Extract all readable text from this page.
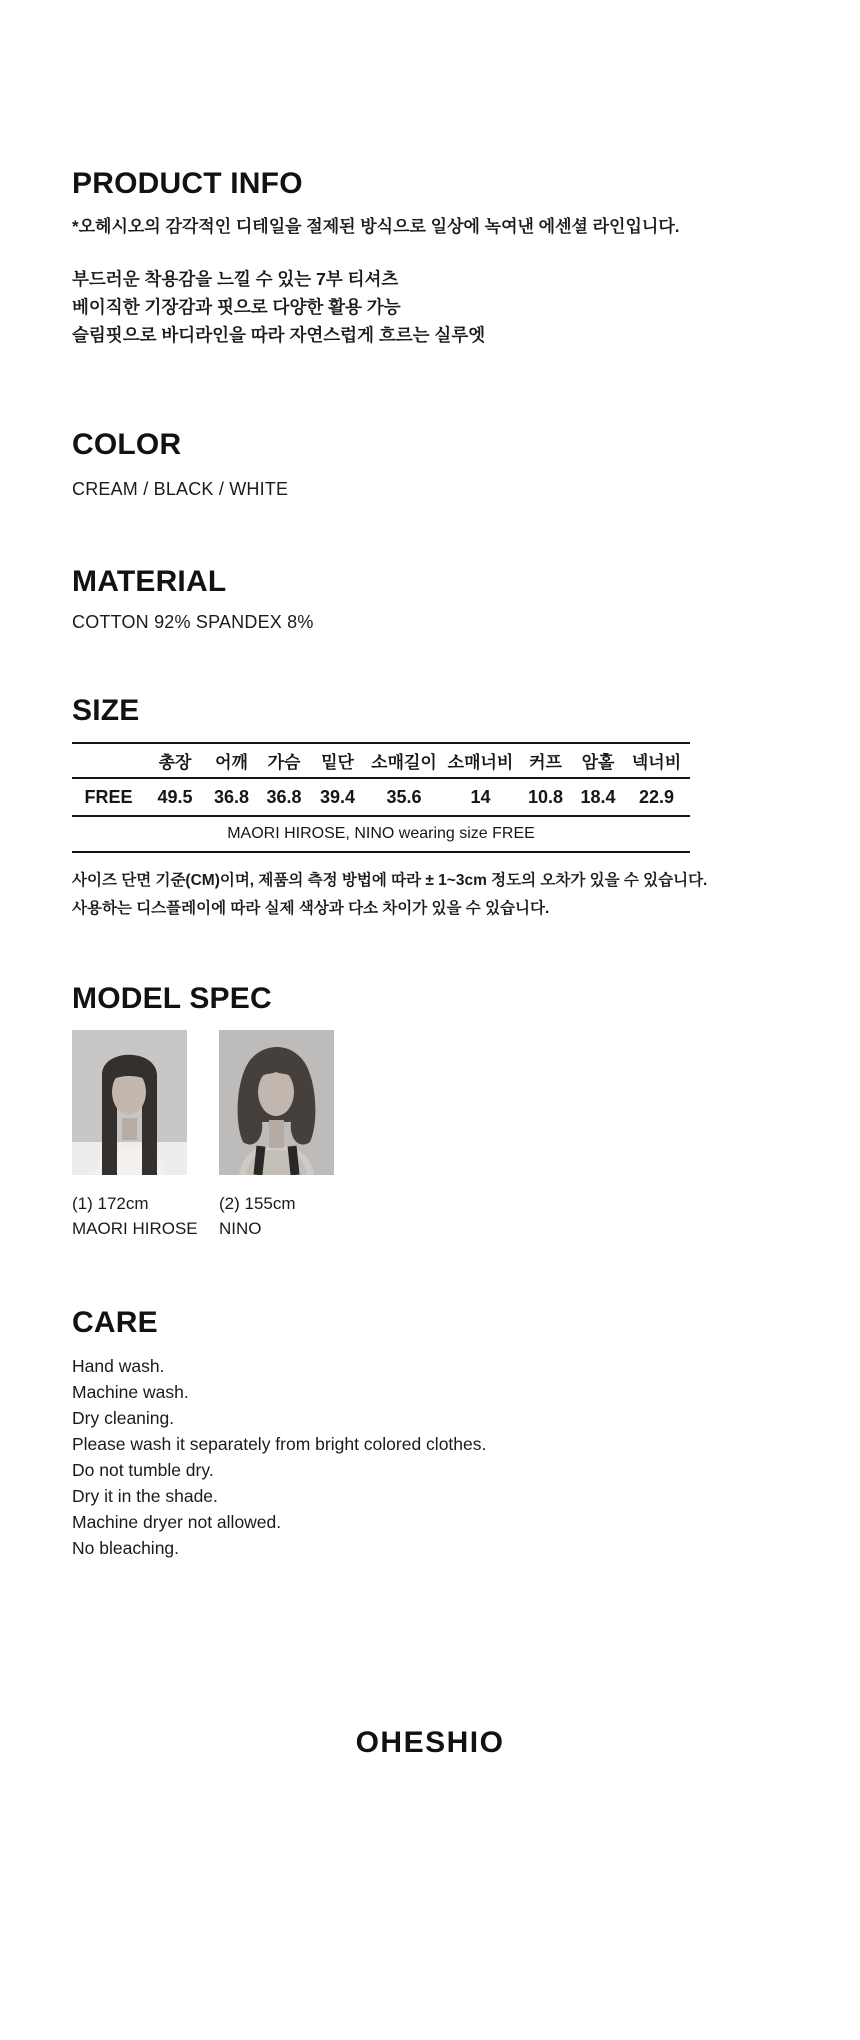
PRODUCT INFO

*오헤시오의 감각적인 디테일을 절제된 방식으로 일상에 녹여낸 에센셜 라인입니다.

부드러운 착용감을 느낄 수 있는 7부 티셔츠
베이직한 기장감과 핏으로 다양한 활용 가능
슬림핏으로 바디라인을 따라 자연스럽게 흐르는 실루엣
COLOR

CREAM / BLACK / WHITE

MATERIAL

COTTON 92% SPANDEX 8%

SIZE
	총장	어깨	가슴	밑단	소매길이	소매너비	커프	암홀	넥너비
FREE	49.5	36.8	36.8	39.4	35.6	14	10.8	18.4	22.9
MAORI HIROSE, NINO wearing size FREE									
사이즈 단면 기준(CM)이며, 제품의 측정 방법에 따라 ± 1~3cm 정도의 오차가 있을 수 있습니다.
사용하는 디스플레이에 따라 실제 색상과 다소 차이가 있을 수 있습니다.
MODEL SPEC
(1) 172cm
MAORI HIROSE
(2) 155cm
NINO
CARE
Hand wash.
Machine wash.
Dry cleaning.
Please wash it separately from bright colored clothes.
Do not tumble dry.
Dry it in the shade.
Machine dryer not allowed.
No bleaching.
OHESHIO
